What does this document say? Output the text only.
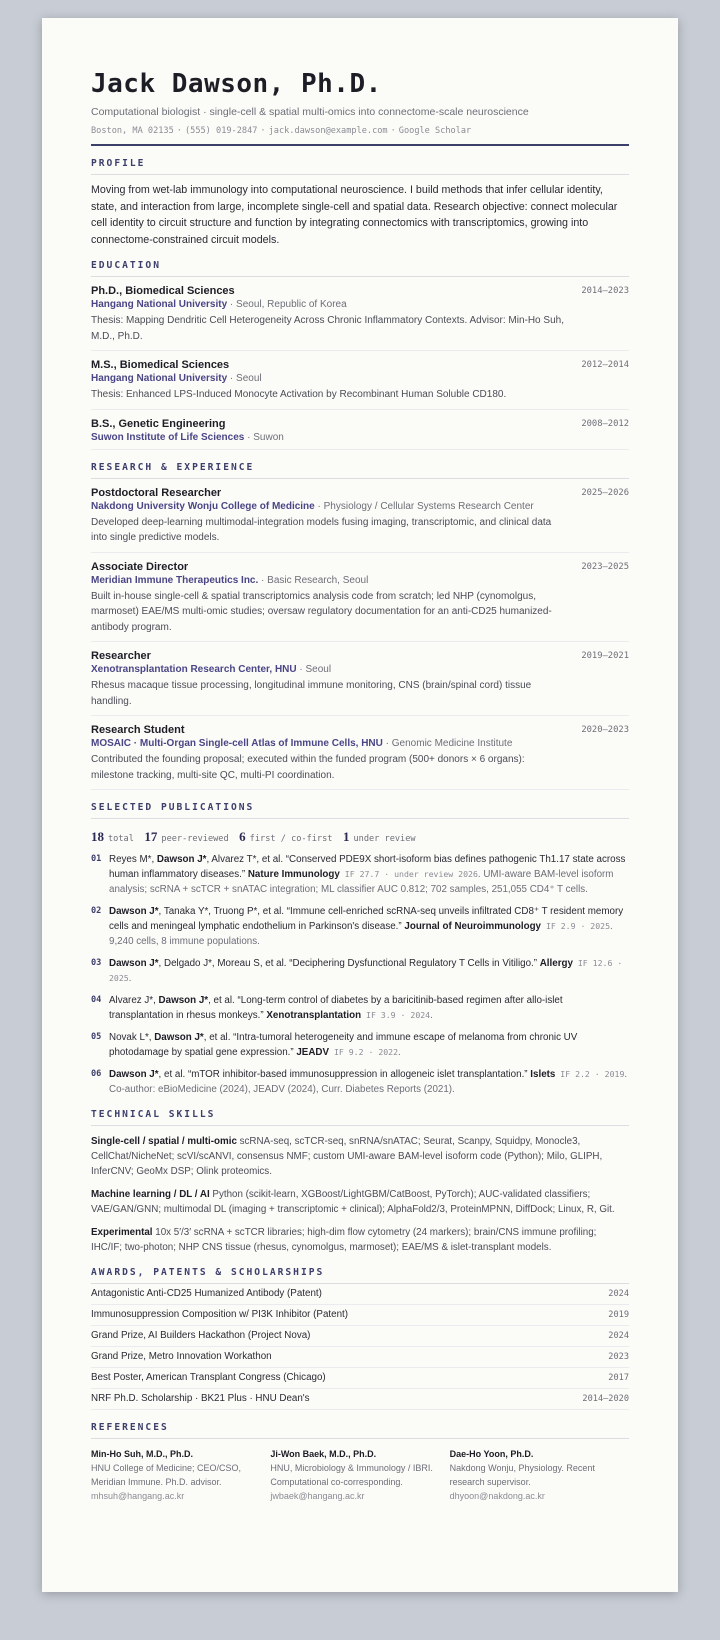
Jack Dawson, Ph.D.
Computational biologist · single-cell & spatial multi-omics into connectome-scale neuroscience
Boston, MA 02135 · (555) 019-2847 · jack.dawson@example.com · Google Scholar
PROFILE
Moving from wet-lab immunology into computational neuroscience. I build methods that infer cellular identity, state, and interaction from large, incomplete single-cell and spatial data. Research objective: connect molecular cell identity to circuit structure and function by integrating connectomics with transcriptomics, growing into connectome-constrained circuit models.
EDUCATION
Ph.D., Biomedical Sciences	2014–2023
Hangang National University · Seoul, Republic of Korea
Thesis: Mapping Dendritic Cell Heterogeneity Across Chronic Inflammatory Contexts. Advisor: Min-Ho Suh, M.D., Ph.D.
M.S., Biomedical Sciences	2012–2014
Hangang National University · Seoul
Thesis: Enhanced LPS-Induced Monocyte Activation by Recombinant Human Soluble CD180.
B.S., Genetic Engineering	2008–2012
Suwon Institute of Life Sciences · Suwon
RESEARCH & EXPERIENCE
Postdoctoral Researcher	2025–2026
Nakdong University Wonju College of Medicine · Physiology / Cellular Systems Research Center
Developed deep-learning multimodal-integration models fusing imaging, transcriptomic, and clinical data into single predictive models.
Associate Director	2023–2025
Meridian Immune Therapeutics Inc. · Basic Research, Seoul
Built in-house single-cell & spatial transcriptomics analysis code from scratch; led NHP (cynomolgus, marmoset) EAE/MS multi-omic studies; oversaw regulatory documentation for an anti-CD25 humanized-antibody program.
Researcher	2019–2021
Xenotransplantation Research Center, HNU · Seoul
Rhesus macaque tissue processing, longitudinal immune monitoring, CNS (brain/spinal cord) tissue handling.
Research Student	2020–2023
MOSAIC · Multi-Organ Single-cell Atlas of Immune Cells, HNU · Genomic Medicine Institute
Contributed the founding proposal; executed within the funded program (500+ donors × 6 organs): milestone tracking, multi-site QC, multi-PI coordination.
SELECTED PUBLICATIONS
18 total 17 peer-reviewed 6 first / co-first 1 under review
01 Reyes M*, Dawson J*, Alvarez T*, et al. “Conserved PDE9X short-isoform bias defines pathogenic Th1.17 state across human inflammatory diseases.” Nature Immunology IF 27.7 · under review 2026. UMI-aware BAM-level isoform analysis; scRNA + scTCR + snATAC integration; ML classifier AUC 0.812; 702 samples, 251,055 CD4⁺ T cells.
02 Dawson J*, Tanaka Y*, Truong P*, et al. “Immune cell-enriched scRNA-seq unveils infiltrated CD8⁺ T resident memory cells and meningeal lymphatic endothelium in Parkinson's disease.” Journal of Neuroimmunology IF 2.9 · 2025. 9,240 cells, 8 immune populations.
03 Dawson J*, Delgado J*, Moreau S, et al. “Deciphering Dysfunctional Regulatory T Cells in Vitiligo.” Allergy IF 12.6 · 2025.
04 Alvarez J*, Dawson J*, et al. “Long-term control of diabetes by a baricitinib-based regimen after allo-islet transplantation in rhesus monkeys.” Xenotransplantation IF 3.9 · 2024.
05 Novak L*, Dawson J*, et al. “Intra-tumoral heterogeneity and immune escape of melanoma from chronic UV photodamage by spatial gene expression.” JEADV IF 9.2 · 2022.
06 Dawson J*, et al. “mTOR inhibitor-based immunosuppression in allogeneic islet transplantation.” Islets IF 2.2 · 2019. Co-author: eBioMedicine (2024), JEADV (2024), Curr. Diabetes Reports (2021).
TECHNICAL SKILLS
Single-cell / spatial / multi-omic scRNA-seq, scTCR-seq, snRNA/snATAC; Seurat, Scanpy, Squidpy, Monocle3, CellChat/NicheNet; scVI/scANVI, consensus NMF; custom UMI-aware BAM-level isoform code (Python); Milo, GLIPH, InferCNV; GeoMx DSP; Olink proteomics.
Machine learning / DL / AI Python (scikit-learn, XGBoost/LightGBM/CatBoost, PyTorch); AUC-validated classifiers; VAE/GAN/GNN; multimodal DL (imaging + transcriptomic + clinical); AlphaFold2/3, ProteinMPNN, DiffDock; Linux, R, Git.
Experimental 10x 5′/3′ scRNA + scTCR libraries; high-dim flow cytometry (24 markers); brain/CNS immune profiling; IHC/IF; two-photon; NHP CNS tissue (rhesus, cynomolgus, marmoset); EAE/MS & islet-transplant models.
AWARDS, PATENTS & SCHOLARSHIPS
Antagonistic Anti-CD25 Humanized Antibody (Patent)	2024
Immunosuppression Composition w/ PI3K Inhibitor (Patent)	2019
Grand Prize, AI Builders Hackathon (Project Nova)	2024
Grand Prize, Metro Innovation Workathon	2023
Best Poster, American Transplant Congress (Chicago)	2017
NRF Ph.D. Scholarship · BK21 Plus · HNU Dean's	2014–2020
REFERENCES
Min-Ho Suh, M.D., Ph.D.
HNU College of Medicine; CEO/CSO, Meridian Immune. Ph.D. advisor.
mhsuh@hangang.ac.kr
Ji-Won Baek, M.D., Ph.D.
HNU, Microbiology & Immunology / IBRI. Computational co-corresponding.
jwbaek@hangang.ac.kr
Dae-Ho Yoon, Ph.D.
Nakdong Wonju, Physiology. Recent research supervisor.
dhyoon@nakdong.ac.kr
